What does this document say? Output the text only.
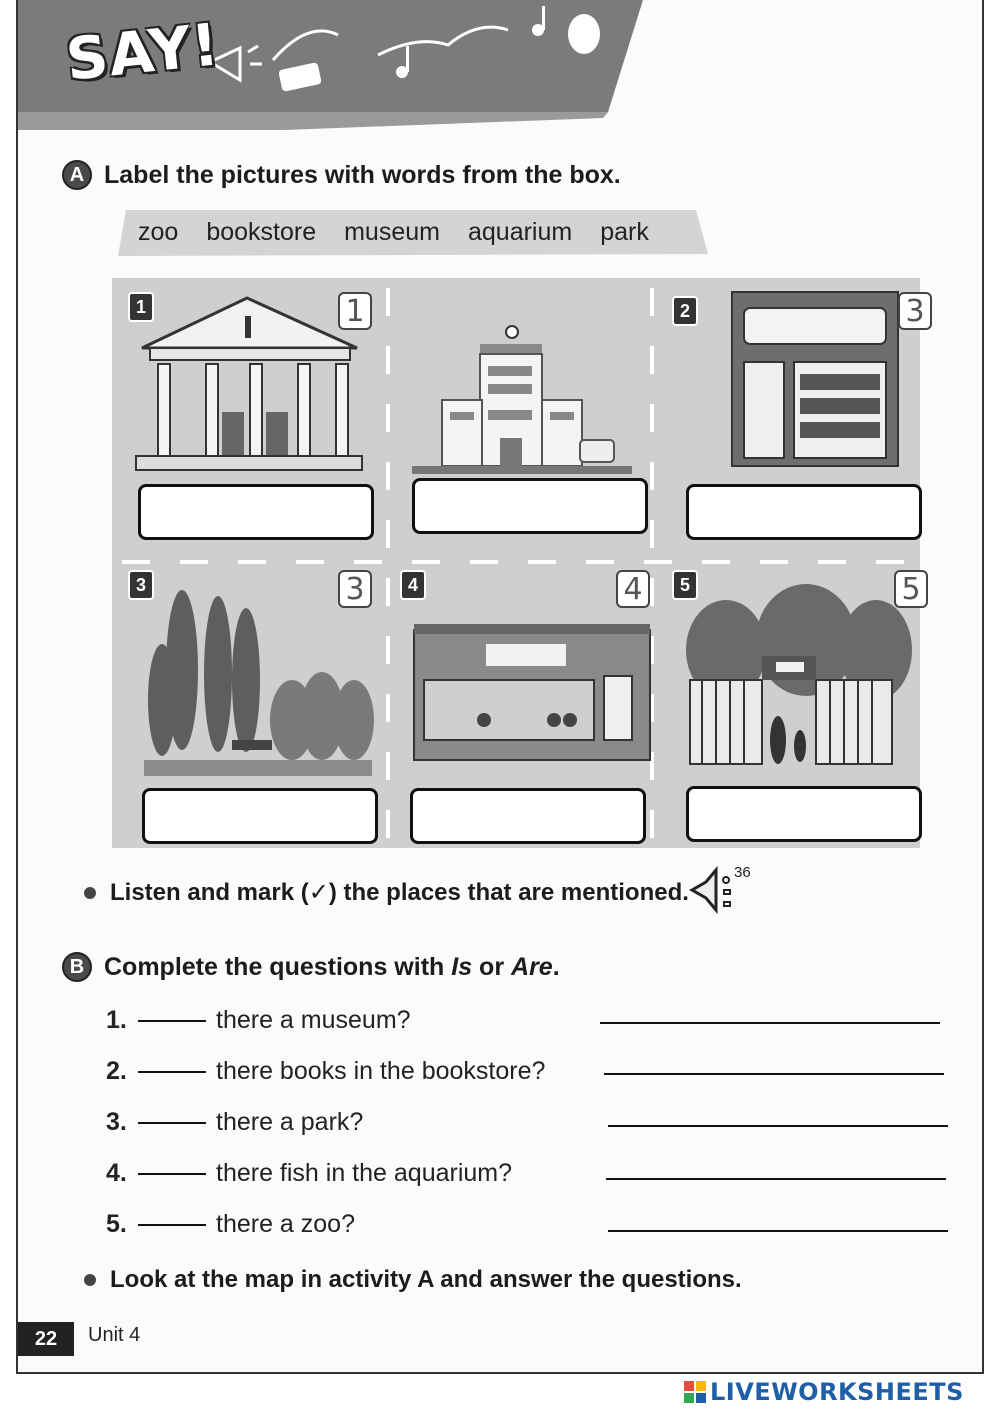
SAY!
A Label the pictures with words from the box.
zoo bookstore museum aquarium park
1	1	2	3
3	3	4	4	5	5
Listen and mark (✓) the places that are mentioned.
36
B Complete the questions with Is or Are.
1.	there a museum?
2.	there books in the bookstore?
3.	there a park?
4.	there fish in the aquarium?
5.	there a zoo?
Look at the map in activity A and answer the questions.
22	Unit 4
LIVEWORKSHEETS
